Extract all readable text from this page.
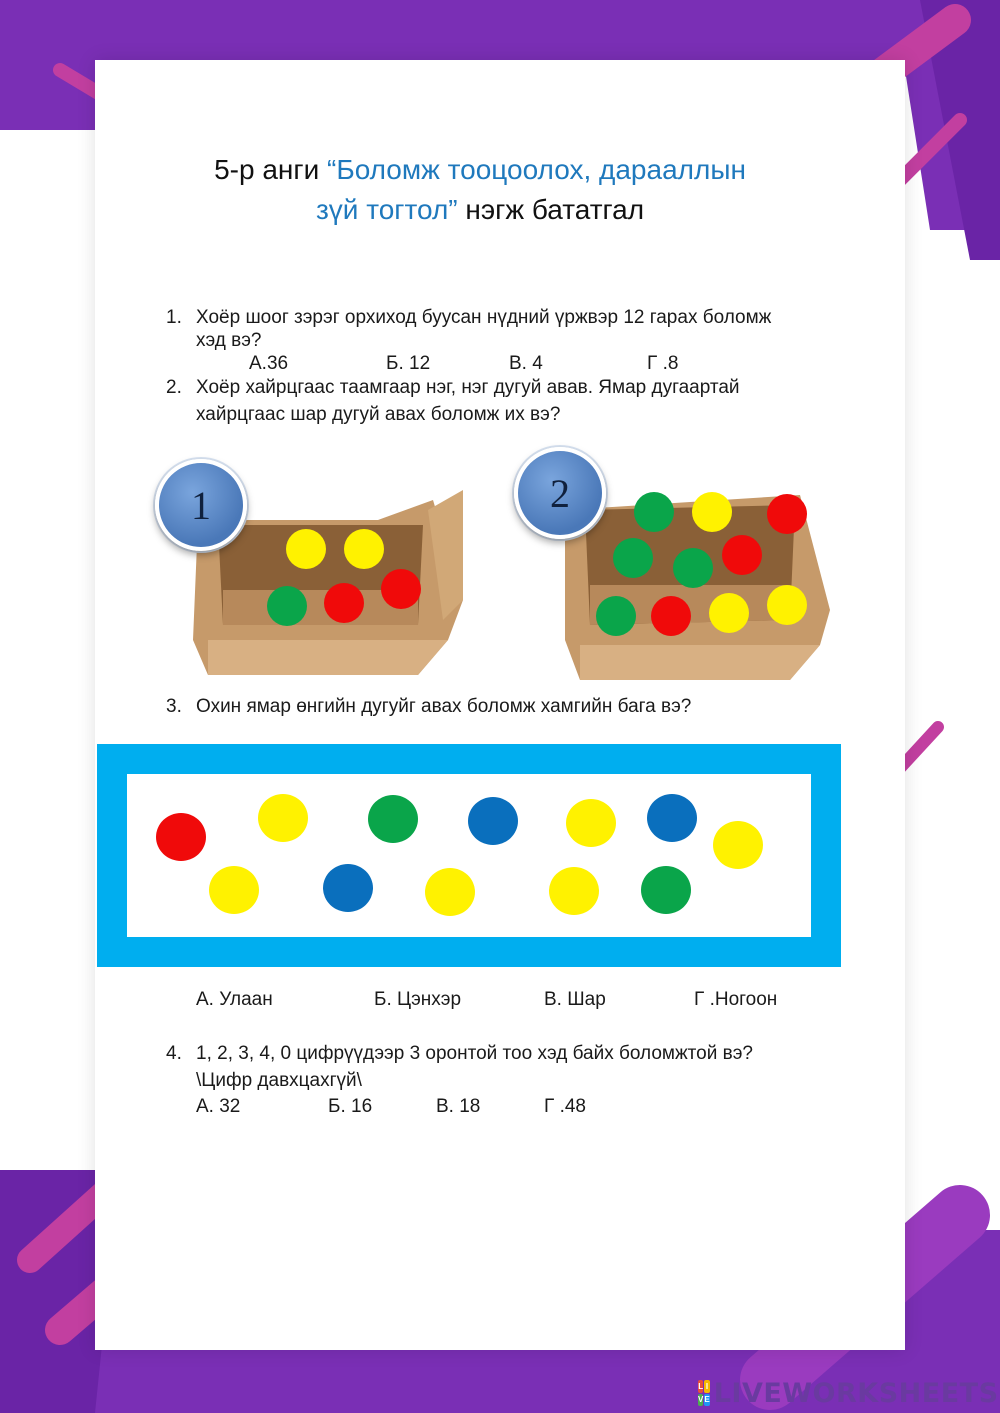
5-р анги “Боломж тооцоолох, дарааллын
зүй тогтол” нэгж бататгал
1. Хоёр шоог зэрэг орхиход буусан нүдний үржвэр 12 гарах боломж
хэд вэ?
А.36	Б. 12	В. 4	Г .8
2. Хоёр хайрцгаас таамгаар нэг, нэг дугуй авав. Ямар дугаартай
хайрцгаас шар дугуй авах боломж их вэ?
1	2
3. Охин ямар өнгийн дугуйг авах боломж хамгийн бага вэ?
А. Улаан	Б. Цэнхэр	В. Шар	Г .Ногоон
4. 1, 2, 3, 4, 0 цифрүүдээр 3 оронтой тоо хэд байх боломжтой вэ?
\Цифр давхцахгүй\
А. 32	Б. 16	В. 18	Г .48
L I
V E LIVEWORKSHEETS
